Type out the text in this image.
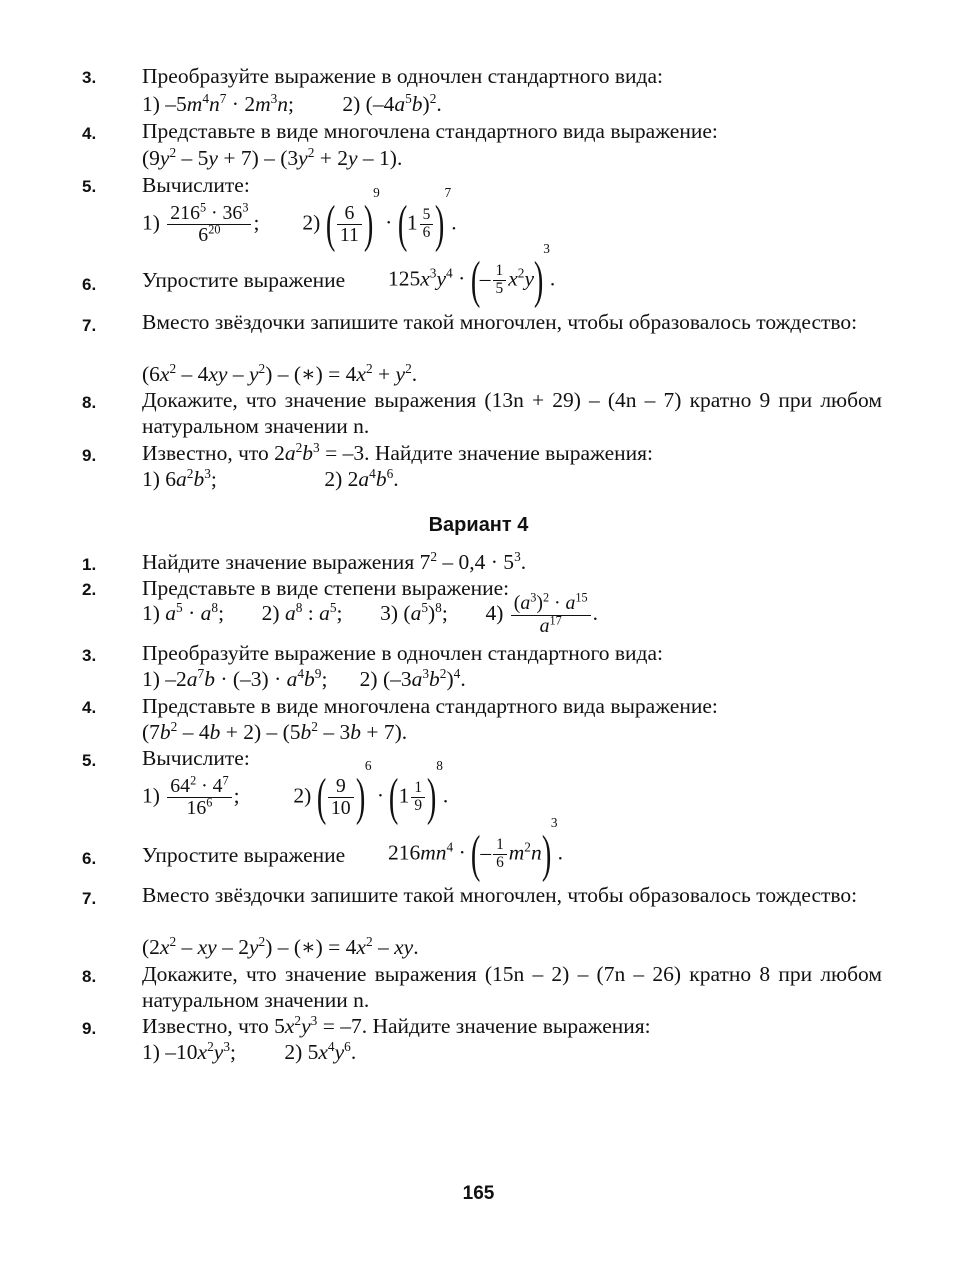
3. Преобразуйте выражение в одночлен стандартного вида:
1) $-5m^4n^7 \cdot 2m^3n$;         2) $(-4a^5b)^2$.
4. Представьте в виде многочлена стандартного вида выражение:
$(9y^2 - 5y + 7) - (3y^2 + 2y - 1)$.
5. Вычислите:
$1) \frac{216^5 \cdot 36^3}{6^{20}}$ ;        2) ( $\frac{6}{11} )9 \cdot (1 \frac{5}{6} )7$.
6. Упростите выражение $125x^3y^4$ · (– $\frac{1}{5} x^2y)3$.
7. Вместо звёздочки запишите такой многочлен, чтобы образовалось тождество:
$(6x^2 - 4xy - y^2)$ – (∗) = $4x^2 + y^2$.
8. Докажите, что значение выражения (13n + 29) – (4n – 7) кратно 9 при любом натуральном значении n.
9. Известно, что $2a^2b^3 = -3$. Найдите значение выражения:
1) $6a^2b^3$;                    2) $2a^4b^6$.
Вариант 4
1. Найдите значение выражения $7^2 - 0,4 \cdot 5^3$.
2. Представьте в виде степени выражение:
1) $a^5 \cdot a^8$;       2) $a^8$ : $a^5$;       3) $(a^5)^8$;       $4) \frac{(a^3)^2 \cdot a^{15}}{a^{17}}$ .
3. Преобразуйте выражение в одночлен стандартного вида:
1) $-2a^7b \cdot (-3) \cdot a^4b^9$;      2) $(-3a^3b^2)^4$.
4. Представьте в виде многочлена стандартного вида выражение:
$(7b^2 - 4b + 2) - (5b^2 - 3b + 7)$.
5. Вычислите:
$1) \frac{64^2 \cdot 4^7}{16^6}$ ;          2) ( $\frac{9}{10} )6 \cdot (1 \frac{1}{9} )8$.
6. Упростите выражение $216mn^4$ · (– $\frac{1}{6} m^2n)3$.
7. Вместо звёздочки запишите такой многочлен, чтобы образовалось тождество:
($2x^2$ – xy – $2y^2$) – (∗) = $4x^2$ – xy.
8. Докажите, что значение выражения (15n – 2) – (7n – 26) кратно 8 при любом натуральном значении n.
9. Известно, что $5x^2y^3 = -7$. Найдите значение выражения:
1) $-10x^2y^3$;         2) $5x^4y^6$.
165
